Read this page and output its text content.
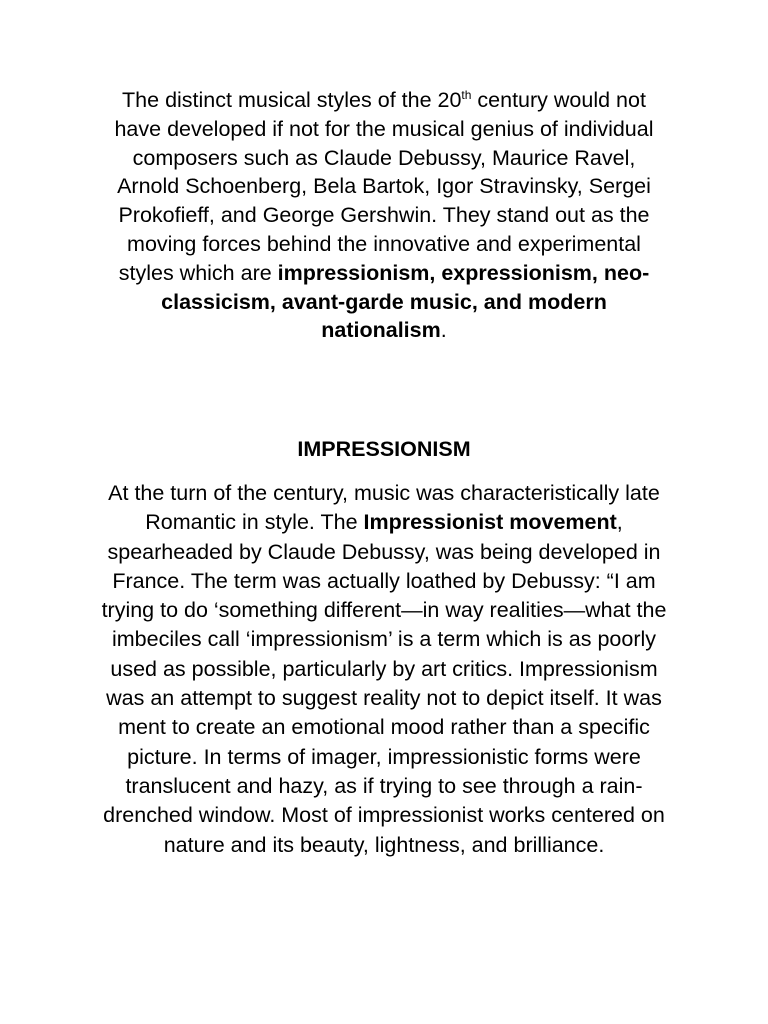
The distinct musical styles of the 20th century would not have developed if not for the musical genius of individual composers such as Claude Debussy, Maurice Ravel, Arnold Schoenberg, Bela Bartok, Igor Stravinsky, Sergei Prokofieff, and George Gershwin. They stand out as the moving forces behind the innovative and experimental styles which are impressionism, expressionism, neo-classicism, avant-garde music, and modern nationalism.

IMPRESSIONISM

At the turn of the century, music was characteristically late Romantic in style. The Impressionist movement, spearheaded by Claude Debussy, was being developed in France. The term was actually loathed by Debussy: “I am trying to do ‘something different—in way realities—what the imbeciles call ‘impressionism’ is a term which is as poorly used as possible, particularly by art critics. Impressionism was an attempt to suggest reality not to depict itself. It was ment to create an emotional mood rather than a specific picture. In terms of imager, impressionistic forms were translucent and hazy, as if trying to see through a rain-drenched window. Most of impressionist works centered on nature and its beauty, lightness, and brilliance.
